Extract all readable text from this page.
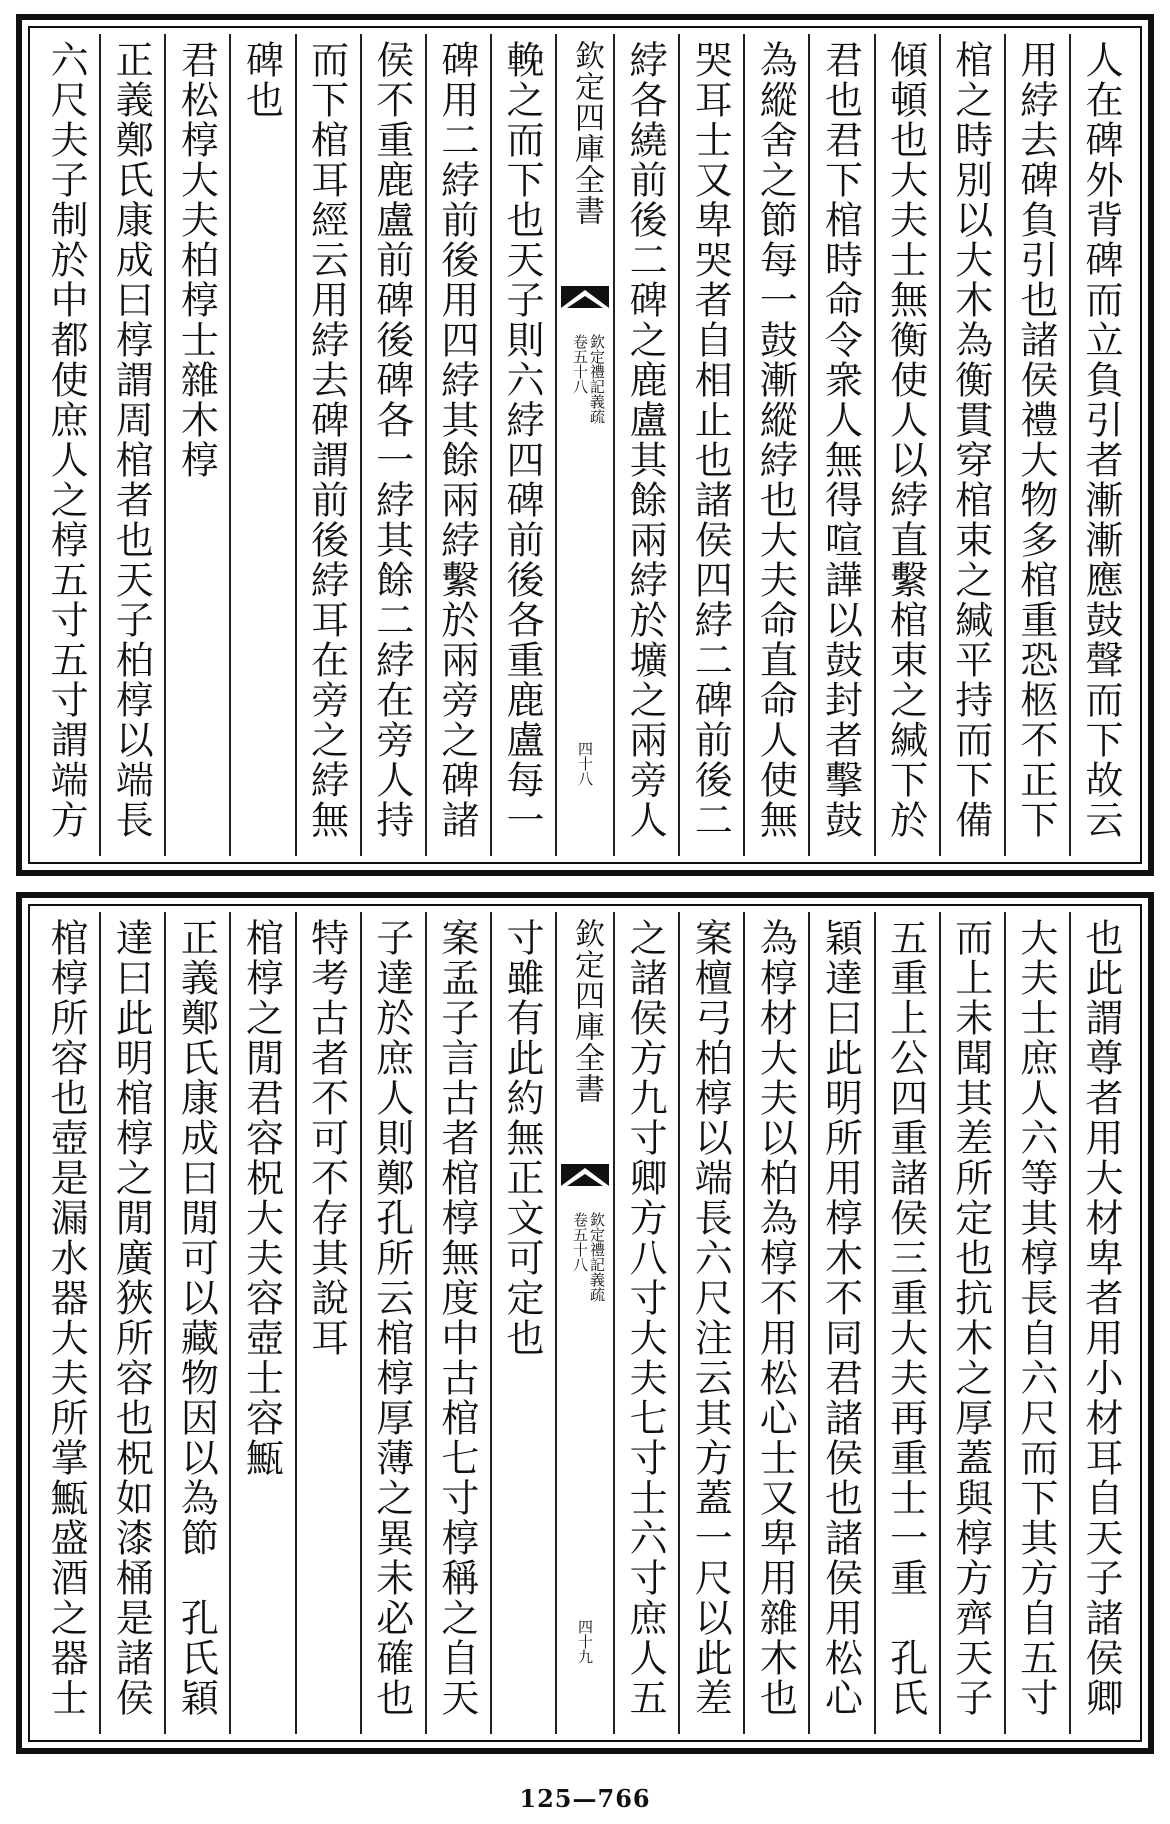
人在碑外背碑而立負引者漸漸應鼓聲而下故云
用綍去碑負引也諸侯禮大物多棺重恐柩不正下
棺之時別以大木為衡貫穿棺束之緘平持而下備
傾頓也大夫士無衡使人以綍直繫棺束之緘下於
君也君下棺時命令衆人無得喧譁以鼓封者擊鼓
為縱舍之節每一鼓漸縱綍也大夫命直命人使無
哭耳士又卑哭者自相止也諸侯四綍二碑前後二
綍各繞前後二碑之鹿盧其餘兩綍於壙之兩旁人
欽定四庫全書
欽定禮記義疏
卷五十八
四十八
輓之而下也天子則六綍四碑前後各重鹿盧每一
碑用二綍前後用四綍其餘兩綍繫於兩旁之碑諸
侯不重鹿盧前碑後碑各一綍其餘二綍在旁人持
而下棺耳經云用綍去碑謂前後綍耳在旁之綍無
碑也
君松椁大夫柏椁士雜木椁
正義鄭氏康成曰椁謂周棺者也天子柏椁以端長
六尺夫子制於中都使庶人之椁五寸五寸謂端方
也此謂尊者用大材卑者用小材耳自天子諸侯卿
大夫士庶人六等其椁長自六尺而下其方自五寸
而上未聞其差所定也抗木之厚蓋與椁方齊天子
五重上公四重諸侯三重大夫再重士一重　孔氏
穎達曰此明所用椁木不同君諸侯也諸侯用松心
為椁材大夫以柏為椁不用松心士又卑用雜木也
案檀弓柏椁以端長六尺注云其方蓋一尺以此差
之諸侯方九寸卿方八寸大夫七寸士六寸庶人五
欽定四庫全書
欽定禮記義疏
卷五十八
四十九
寸雖有此約無正文可定也
案孟子言古者棺椁無度中古棺七寸椁稱之自天
子達於庶人則鄭孔所云棺椁厚薄之異未必確也
特考古者不可不存其說耳
棺椁之閒君容柷大夫容壺士容甒
正義鄭氏康成曰閒可以藏物因以為節　孔氏穎
達曰此明棺椁之閒廣狹所容也柷如漆桶是諸侯
棺椁所容也壺是漏水器大夫所掌甒盛酒之器士
125—766
